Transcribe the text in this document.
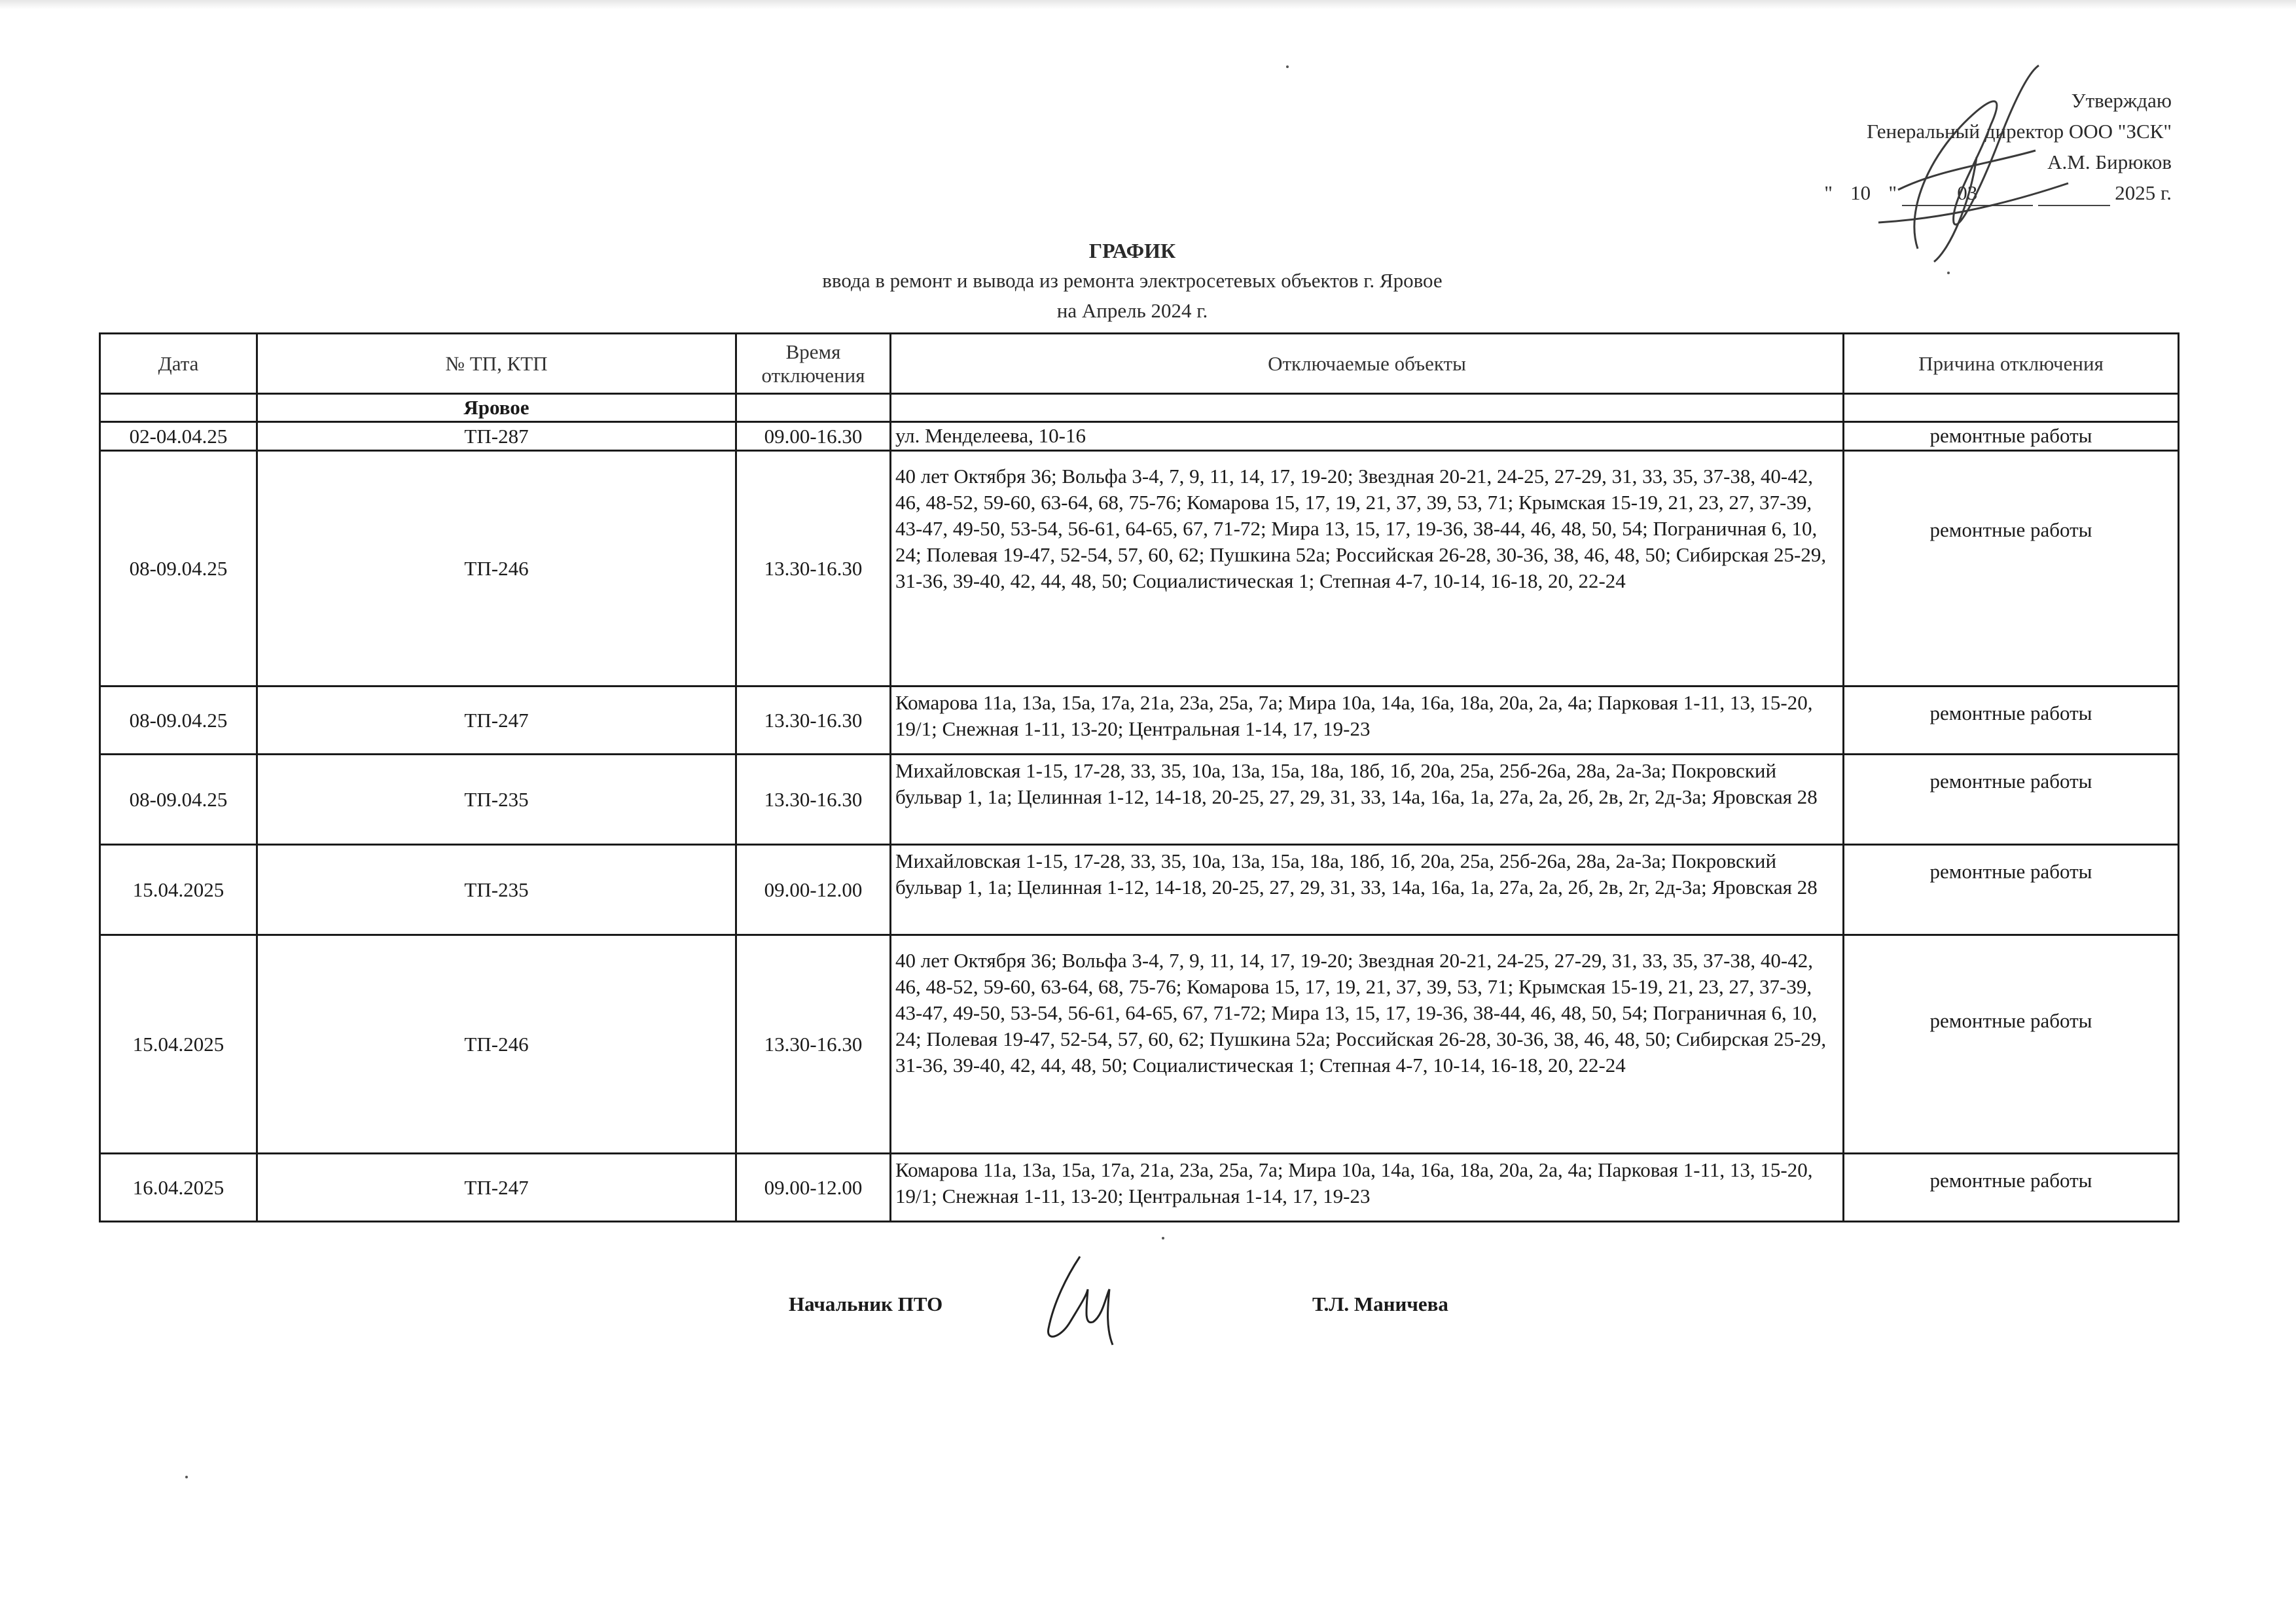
Утверждаю
Генеральный директор ООО "ЗСК"
А.М. Бирюков
" 10 "	03	2025 г.
ГРАФИК
ввода в ремонт и вывода из ремонта электросетевых объектов г. Яровое
на Апрель 2024 г.
Дата	№ ТП, КТП	Время отключения	Отключаемые объекты	Причина отключения
	Яровое			
02-04.04.25	ТП-287	09.00-16.30	ул. Менделеева, 10-16	ремонтные работы
08-09.04.25	ТП-246	13.30-16.30	40 лет Октября 36; Вольфа 3-4, 7, 9, 11, 14, 17, 19-20; Звездная 20-21, 24-25, 27-29, 31, 33, 35, 37-38, 40-42, 46, 48-52, 59-60, 63-64, 68, 75-76; Комарова 15, 17, 19, 21, 37, 39, 53, 71; Крымская 15-19, 21, 23, 27, 37-39, 43-47, 49-50, 53-54, 56-61, 64-65, 67, 71-72; Мира 13, 15, 17, 19-36, 38-44, 46, 48, 50, 54; Пограничная 6, 10, 24; Полевая 19-47, 52-54, 57, 60, 62; Пушкина 52а; Российская 26-28, 30-36, 38, 46, 48, 50; Сибирская 25-29, 31-36, 39-40, 42, 44, 48, 50; Социалистическая 1; Степная 4-7, 10-14, 16-18, 20, 22-24	ремонтные работы
08-09.04.25	ТП-247	13.30-16.30	Комарова 11а, 13а, 15а, 17а, 21а, 23а, 25а, 7а; Мира 10а, 14а, 16а, 18а, 20а, 2а, 4а; Парковая 1-11, 13, 15-20, 19/1; Снежная 1-11, 13-20; Центральная 1-14, 17, 19-23	ремонтные работы
08-09.04.25	ТП-235	13.30-16.30	Михайловская 1-15, 17-28, 33, 35, 10а, 13а, 15а, 18а, 18б, 1б, 20а, 25а, 25б-26а, 28а, 2а-3а; Покровский бульвар 1, 1а; Целинная 1-12, 14-18, 20-25, 27, 29, 31, 33, 14а, 16а, 1а, 27а, 2а, 2б, 2в, 2г, 2д-3а; Яровская 28	ремонтные работы
15.04.2025	ТП-235	09.00-12.00	Михайловская 1-15, 17-28, 33, 35, 10а, 13а, 15а, 18а, 18б, 1б, 20а, 25а, 25б-26а, 28а, 2а-3а; Покровский бульвар 1, 1а; Целинная 1-12, 14-18, 20-25, 27, 29, 31, 33, 14а, 16а, 1а, 27а, 2а, 2б, 2в, 2г, 2д-3а; Яровская 28	ремонтные работы
15.04.2025	ТП-246	13.30-16.30	40 лет Октября 36; Вольфа 3-4, 7, 9, 11, 14, 17, 19-20; Звездная 20-21, 24-25, 27-29, 31, 33, 35, 37-38, 40-42, 46, 48-52, 59-60, 63-64, 68, 75-76; Комарова 15, 17, 19, 21, 37, 39, 53, 71; Крымская 15-19, 21, 23, 27, 37-39, 43-47, 49-50, 53-54, 56-61, 64-65, 67, 71-72; Мира 13, 15, 17, 19-36, 38-44, 46, 48, 50, 54; Пограничная 6, 10, 24; Полевая 19-47, 52-54, 57, 60, 62; Пушкина 52а; Российская 26-28, 30-36, 38, 46, 48, 50; Сибирская 25-29, 31-36, 39-40, 42, 44, 48, 50; Социалистическая 1; Степная 4-7, 10-14, 16-18, 20, 22-24	ремонтные работы
16.04.2025	ТП-247	09.00-12.00	Комарова 11а, 13а, 15а, 17а, 21а, 23а, 25а, 7а; Мира 10а, 14а, 16а, 18а, 20а, 2а, 4а; Парковая 1-11, 13, 15-20, 19/1; Снежная 1-11, 13-20; Центральная 1-14, 17, 19-23	ремонтные работы
Начальник ПТО	Т.Л. Маничева
